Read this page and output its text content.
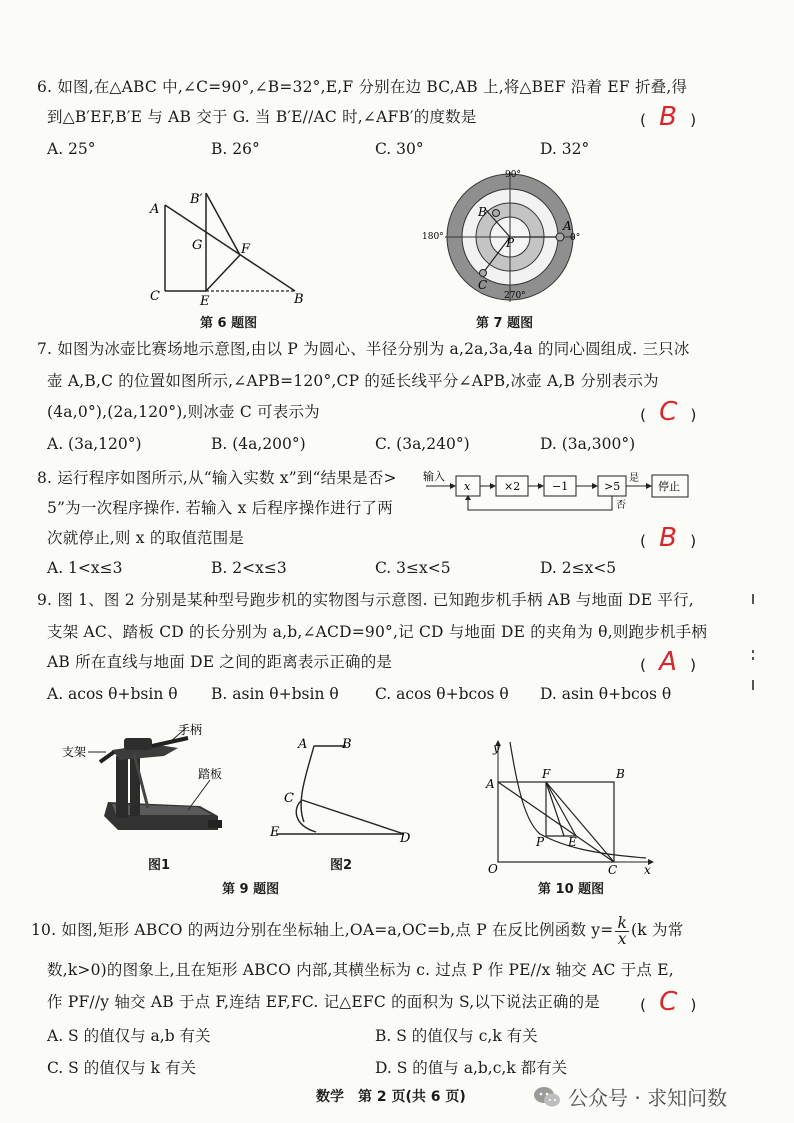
6. 如图,在△ABC 中,∠C=90°,∠B=32°,E,F 分别在边 BC,AB 上,将△BEF 沿着 EF 折叠,得
到△B′EF,B′E 与 AB 交于 G. 当 B′E//AC 时,∠AFB′的度数是	( B )
A. 25°	B. 26°	C. 30°	D. 32°
A
B′
G	F
C	E	B
第 6 题图
90°
180°	0°
270°
A
B
C
P
第 7 题图
7. 如图为冰壶比赛场地示意图,由以 P 为圆心、半径分别为 a,2a,3a,4a 的同心圆组成. 三只冰
壶 A,B,C 的位置如图所示,∠APB=120°,CP 的延长线平分∠APB,冰壶 A,B 分别表示为
(4a,0°),(2a,120°),则冰壶 C 可表示为	( C )
A. (3a,120°)	B. (4a,200°)	C. (3a,240°)	D. (3a,300°)
8. 运行程序如图所示,从“输入实数 x”到“结果是否>
5”为一次程序操作. 若输入 x 后程序操作进行了两
次就停止,则 x 的取值范围是	( B )
输入
x	×2	−1	>5
是
停止
否
A. 1<x≤3	B. 2<x≤3	C. 3≤x<5	D. 2≤x<5
9. 图 1、图 2 分别是某种型号跑步机的实物图与示意图. 已知跑步机手柄 AB 与地面 DE 平行,
支架 AC、踏板 CD 的长分别为 a,b,∠ACD=90°,记 CD 与地面 DE 的夹角为 θ,则跑步机手柄
AB 所在直线与地面 DE 之间的距离表示正确的是	( A )
A. acos θ+bsin θ B. asin θ+bsin θ C. acos θ+bcos θ D. asin θ+bcos θ
手柄
支架
踏板
图1
A	B
C
E	D
图2
第 9 题图
y
x
O
A
B
F
P E
C
第 10 题图
10. 如图,矩形 ABCO 的两边分别在坐标轴上,OA=a,OC=b,点 P 在反比例函数 $y= \frac{k}{x} (k$ 为常
数,k>0)的图象上,且在矩形 ABCO 内部,其横坐标为 c. 过点 P 作 PE//x 轴交 AC 于点 E,
作 PF//y 轴交 AB 于点 F,连结 EF,FC. 记△EFC 的面积为 S,以下说法正确的是	( C )
A. S 的值仅与 a,b 有关	B. S 的值仅与 c,k 有关
C. S 的值仅与 k 有关	D. S 的值与 a,b,c,k 都有关
数学　第 2 页(共 6 页)	公众号 · 求知问数
